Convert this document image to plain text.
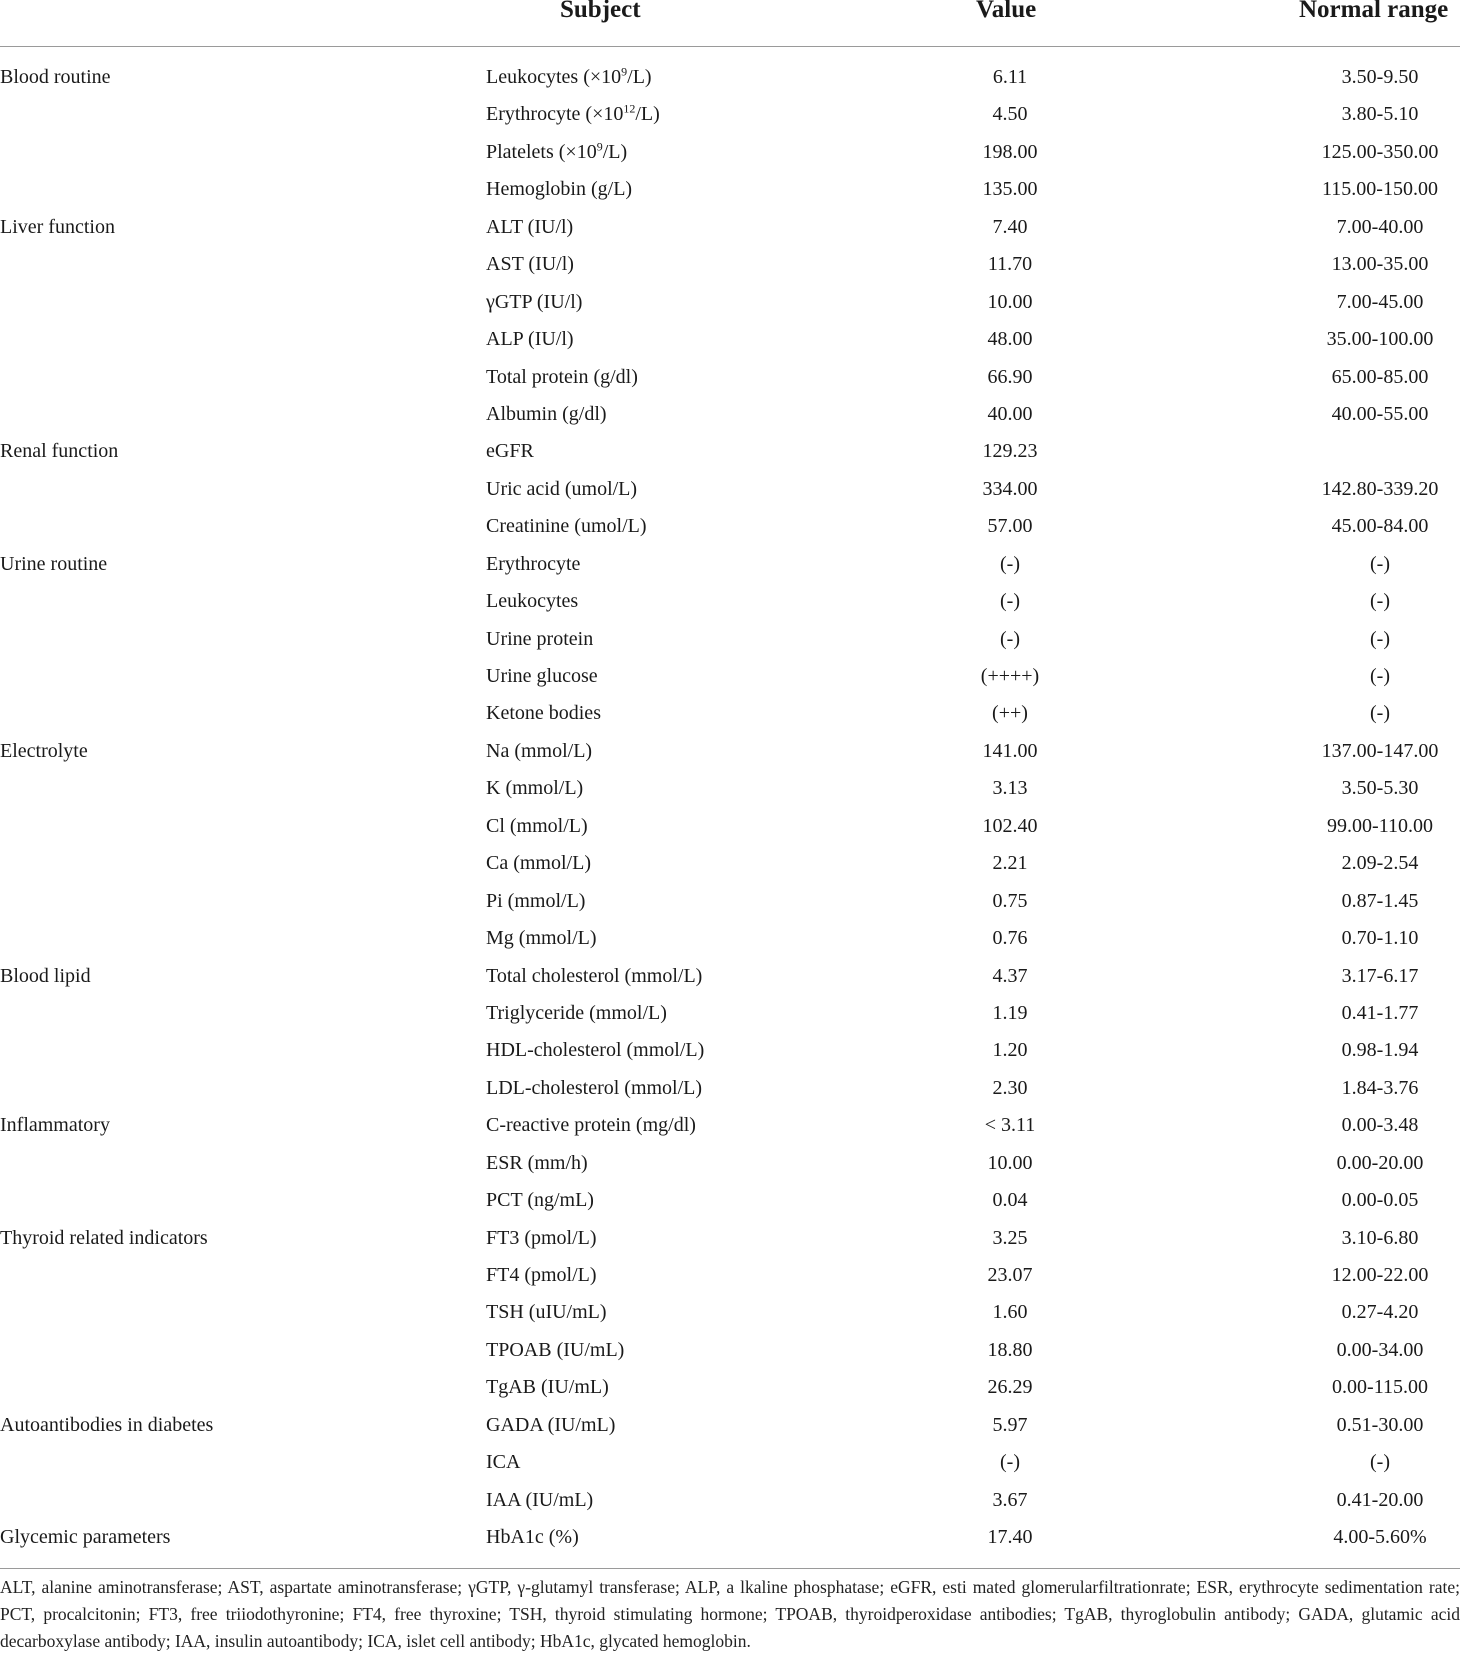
Subject	Value	Normal range
Blood routine	Leukocytes $(\times 10^9/L)$	6.11	3.50-9.50
Erythrocyte $(\times 10^{12}/L)$	4.50	3.80-5.10
Platelets $(\times 10^9/L)$	198.00	125.00-350.00
Hemoglobin (g/L)	135.00	115.00-150.00
Liver function	ALT (IU/l)	7.40	7.00-40.00
AST (IU/l)	11.70	13.00-35.00
γGTP (IU/l)	10.00	7.00-45.00
ALP (IU/l)	48.00	35.00-100.00
Total protein (g/dl)	66.90	65.00-85.00
Albumin (g/dl)	40.00	40.00-55.00
Renal function	eGFR	129.23
Uric acid (umol/L)	334.00	142.80-339.20
Creatinine (umol/L)	57.00	45.00-84.00
Urine routine	Erythrocyte	(-)	(-)
Leukocytes	(-)	(-)
Urine protein	(-)	(-)
Urine glucose	(++++)	(-)
Ketone bodies	(++)	(-)
Electrolyte	Na (mmol/L)	141.00	137.00-147.00
K (mmol/L)	3.13	3.50-5.30
Cl (mmol/L)	102.40	99.00-110.00
Ca (mmol/L)	2.21	2.09-2.54
Pi (mmol/L)	0.75	0.87-1.45
Mg (mmol/L)	0.76	0.70-1.10
Blood lipid	Total cholesterol (mmol/L)	4.37	3.17-6.17
Triglyceride (mmol/L)	1.19	0.41-1.77
HDL-cholesterol (mmol/L)	1.20	0.98-1.94
LDL-cholesterol (mmol/L)	2.30	1.84-3.76
Inflammatory	C-reactive protein (mg/dl)	< 3.11	0.00-3.48
ESR (mm/h)	10.00	0.00-20.00
PCT (ng/mL)	0.04	0.00-0.05
Thyroid related indicators	FT3 (pmol/L)	3.25	3.10-6.80
FT4 (pmol/L)	23.07	12.00-22.00
TSH (uIU/mL)	1.60	0.27-4.20
TPOAB (IU/mL)	18.80	0.00-34.00
TgAB (IU/mL)	26.29	0.00-115.00
Autoantibodies in diabetes	GADA (IU/mL)	5.97	0.51-30.00
ICA	(-)	(-)
IAA (IU/mL)	3.67	0.41-20.00
Glycemic parameters	HbA1c (%)	17.40	4.00-5.60%
ALT, alanine aminotransferase; AST, aspartate aminotransferase; γGTP, γ-glutamyl transferase; ALP, a lkaline phosphatase; eGFR, esti mated glomerularfiltrationrate; ESR, erythrocyte sedimentation rate; PCT, procalcitonin; FT3, free triiodothyronine; FT4, free thyroxine; TSH, thyroid stimulating hormone; TPOAB, thyroidperoxidase antibodies; TgAB, thyroglobulin antibody; GADA, glutamic acid decarboxylase antibody; IAA, insulin autoantibody; ICA, islet cell antibody; HbA1c, glycated hemoglobin.
